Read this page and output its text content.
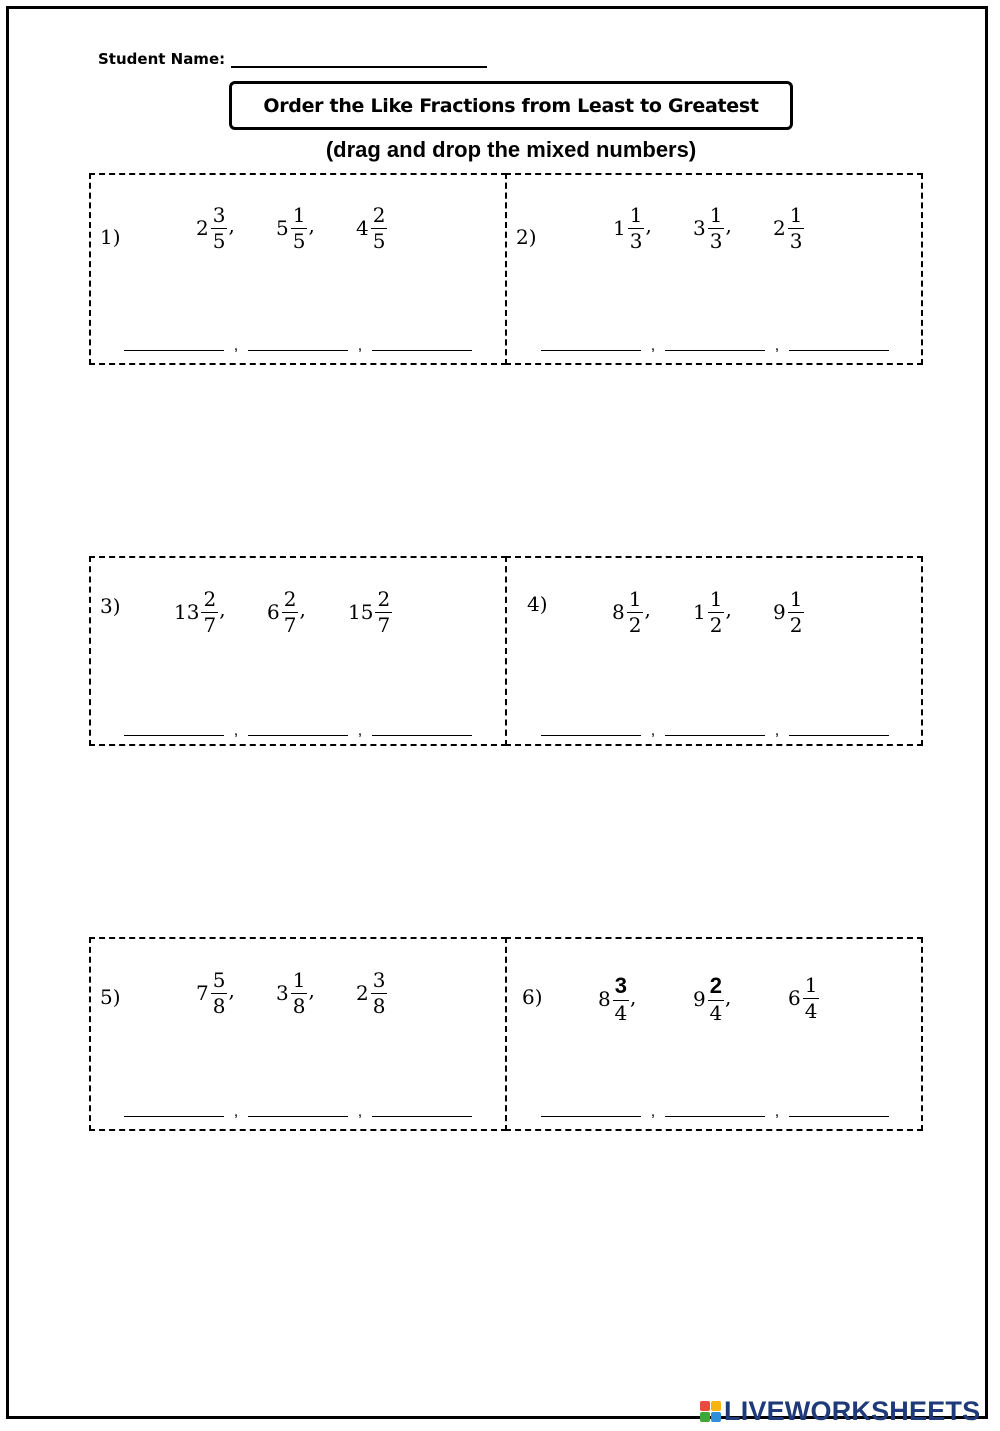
Student Name:
Order the Like Fractions from Least to Greatest
(drag and drop the mixed numbers)
1)	$2 \frac{3}{5}$ , $5 \frac{1}{5}$ , $4 \frac{2}{5}$
,	,
2)	$1 \frac{1}{3}$ , $3 \frac{1}{3}$ , $2 \frac{1}{3}$
,	,
3)	$13 \frac{2}{7}$ , $6 \frac{2}{7}$ , $15 \frac{2}{7}$
,	,
4)	$8 \frac{1}{2}$ , $1 \frac{1}{2}$ , $9 \frac{1}{2}$
,	,
5)	$7 \frac{5}{8}$ , $3 \frac{1}{8}$ , $2 \frac{3}{8}$
,	,
6)	$8 \frac{3}{4}$ ,	$9 \frac{2}{4}$ ,	$6 \frac{1}{4}$
,	,
LIVEWORKSHEETS
